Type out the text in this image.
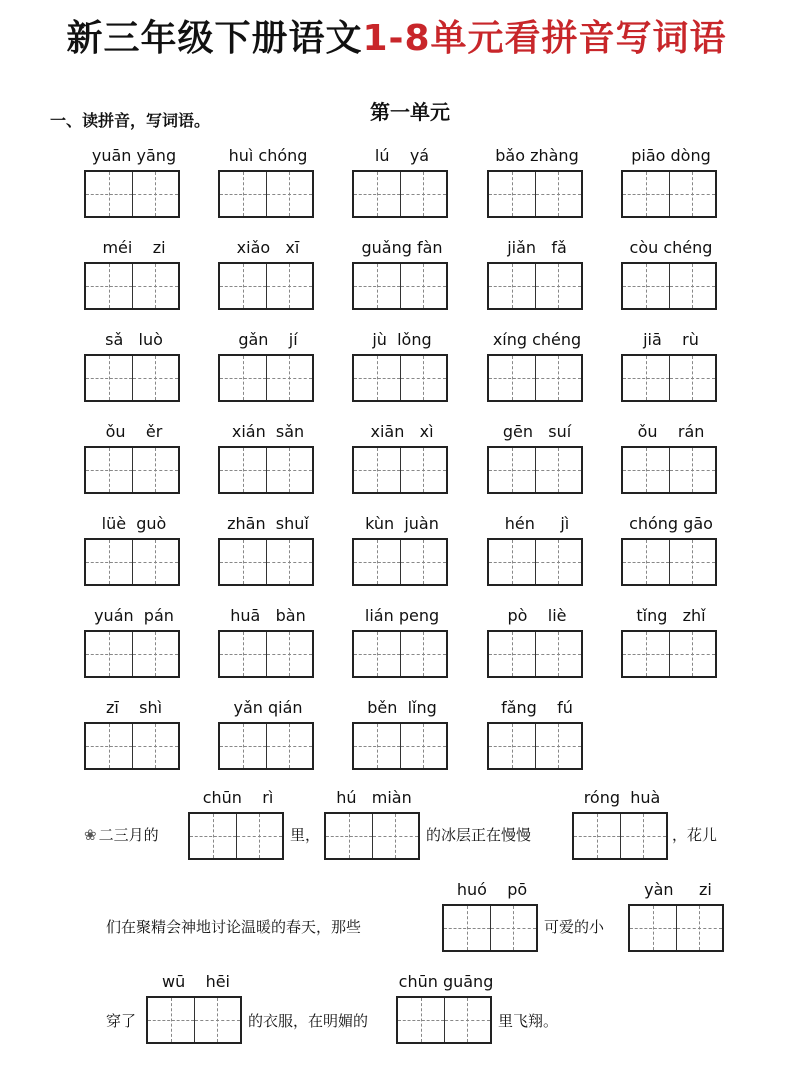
新三年级下册语文1-8单元看拼音写词语
一、读拼音，写词语。	第一单元
yuān yāng	huì chóng	lú    yá	bǎo zhàng	piāo dòng
méi    zi	xiǎo   xī	guǎng fàn	jiǎn   fǎ	còu chéng
sǎ   luò	gǎn    jí	jù  lǒng	xíng chéng	jiā    rù
ǒu    ěr	xián  sǎn	xiān   xì	gēn   suí	ǒu    rán
lüè  guò	zhān  shuǐ	kùn  juàn	hén     jì	chóng gāo
yuán  pán	huā   bàn	lián peng	pò    liè	tǐng   zhǐ
zī    shì	yǎn qián	běn  lǐng	fǎng    fú
❀ 二三月的
chūn    rì
里，
hú   miàn
的冰层正在慢慢
róng  huà
，花儿
们在聚精会神地讨论温暖的春天，那些
huó    pō
可爱的小
yàn     zi
穿了
wū    hēi
的衣服，在明媚的
chūn guāng
里飞翔。
